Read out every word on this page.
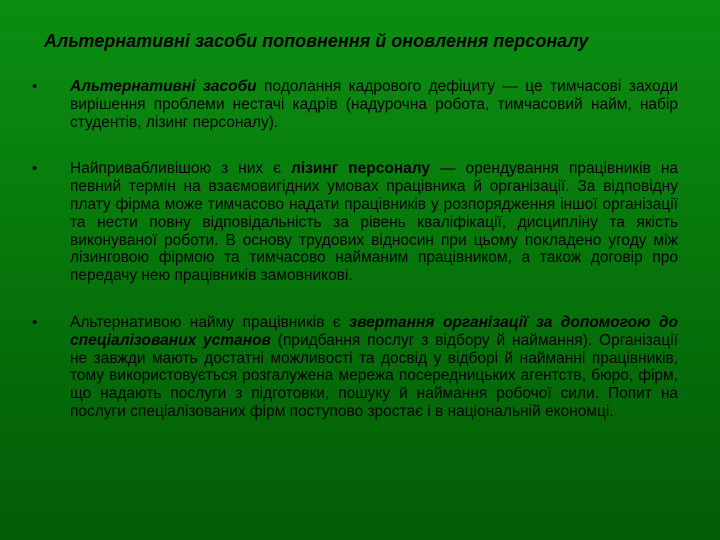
Альтернативні засоби поповнення й оновлення персоналу
• Альтернативні засоби подолання кадрового дефіциту — це тимчасові заходи вирішення проблеми нестачі кадрів (надурочна робота, тимчасовий найм, набір студентів, лізинг персоналу).
• Найпривабливішою з них є лізинг персоналу — орендування працівників на певний термін на взаємовигідних умовах працівника й організації. За відповідну плату фірма може тимчасово надати працівників у розпорядження іншої організації та нести повну відповідальність за рівень кваліфікації, дисципліну та якість виконуваної роботи. В основу трудових відносин при цьому покладено угоду між лізинговою фірмою та тимчасово найманим працівником, а також договір про передачу нею працівників замовникові.
• Альтернативою найму працівників є звертання організації за допомогою до спеціалізованих установ (придбання послуг з відбору й наймання). Організації не завжди мають достатні можливості та досвід у відборі й найманні працівників, тому використовується розгалужена мережа посередницьких агентств, бюро, фірм, що надають послуги з підготовки, пошуку й наймання робочої сили. Попит на послуги спеціалізованих фірм поступово зростає і в національній економці.
